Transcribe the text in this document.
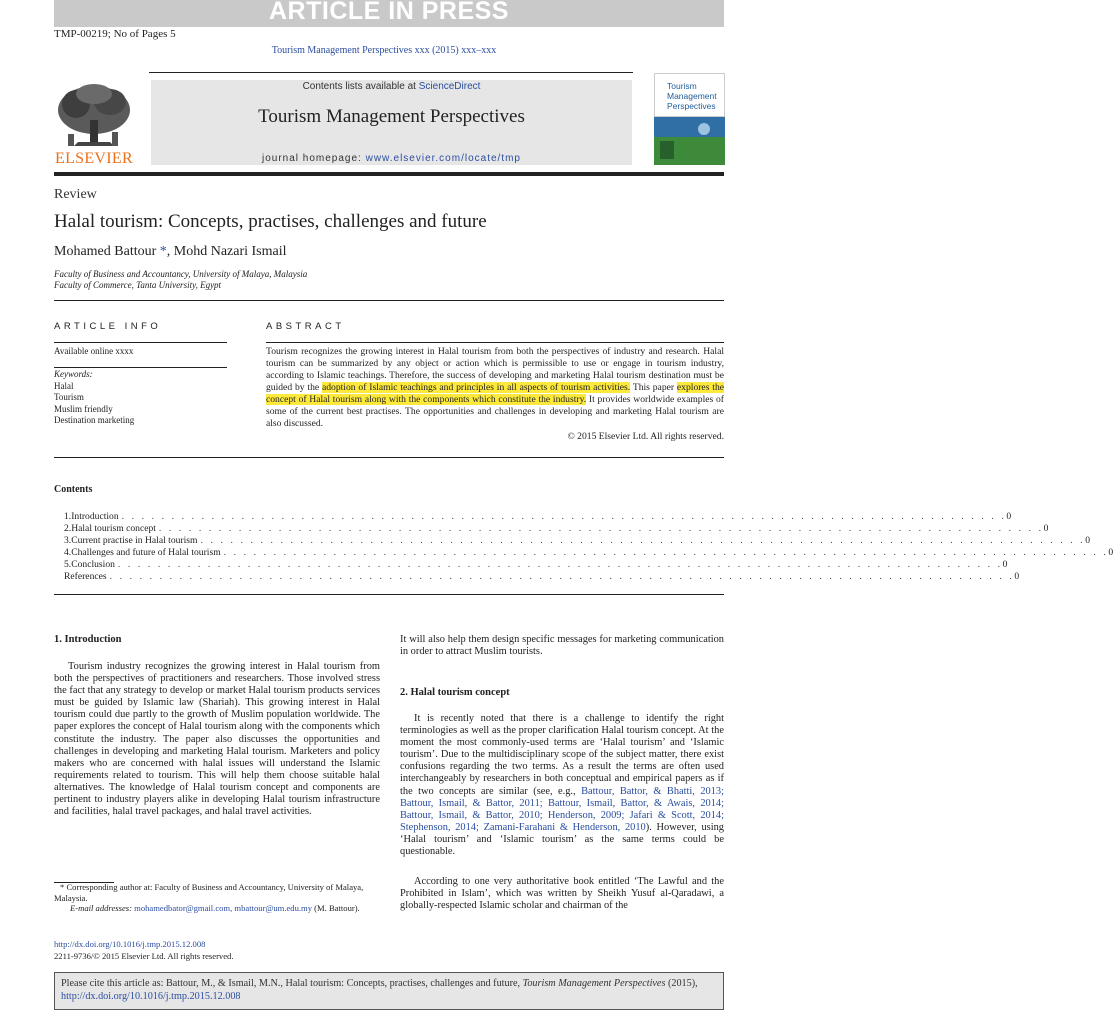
ARTICLE IN PRESS
TMP-00219; No of Pages 5
Tourism Management Perspectives xxx (2015) xxx–xxx
ELSEVIER
Contents lists available at ScienceDirect
Tourism Management Perspectives
journal homepage: www.elsevier.com/locate/tmp
Tourism
Management
Perspectives
Review
Halal tourism: Concepts, practises, challenges and future
Mohamed Battour *, Mohd Nazari Ismail
Faculty of Business and Accountancy, University of Malaya, Malaysia
Faculty of Commerce, Tanta University, Egypt
ARTICLE INFO
Available online xxxx
Keywords:
Halal
Tourism
Muslim friendly
Destination marketing
ABSTRACT
Tourism recognizes the growing interest in Halal tourism from both the perspectives of industry and research. Halal tourism can be summarized by any object or action which is permissible to use or engage in tourism industry, according to Islamic teachings. Therefore, the success of developing and marketing Halal tourism destination must be guided by the adoption of Islamic teachings and principles in all aspects of tourism activities. This paper explores the concept of Halal tourism along with the components which constitute the industry. It provides worldwide examples of some of the current best practises. The opportunities and challenges in developing and marketing Halal tourism are also discussed.
© 2015 Elsevier Ltd. All rights reserved.
Contents
1. Introduction . . . . . . . . . . . . . . . . . . . . . . . . . . . . . . . . . . . . . . . . . . . . . . . . . . . . . . . . . . . . . . . . . . . . . . . . . . . . . . . . . . . . . . . . . 0
2. Halal tourism concept . . . . . . . . . . . . . . . . . . . . . . . . . . . . . . . . . . . . . . . . . . . . . . . . . . . . . . . . . . . . . . . . . . . . . . . . . . . . . . . . . . . . . . . . . 0
3. Current practise in Halal tourism . . . . . . . . . . . . . . . . . . . . . . . . . . . . . . . . . . . . . . . . . . . . . . . . . . . . . . . . . . . . . . . . . . . . . . . . . . . . . . . . . . . . . . . . . 0
4. Challenges and future of Halal tourism . . . . . . . . . . . . . . . . . . . . . . . . . . . . . . . . . . . . . . . . . . . . . . . . . . . . . . . . . . . . . . . . . . . . . . . . . . . . . . . . . . . . . . . . . 0
5. Conclusion . . . . . . . . . . . . . . . . . . . . . . . . . . . . . . . . . . . . . . . . . . . . . . . . . . . . . . . . . . . . . . . . . . . . . . . . . . . . . . . . . . . . . . . . . 0
References . . . . . . . . . . . . . . . . . . . . . . . . . . . . . . . . . . . . . . . . . . . . . . . . . . . . . . . . . . . . . . . . . . . . . . . . . . . . . . . . . . . . . . . . . . . 0
1. Introduction
Tourism industry recognizes the growing interest in Halal tourism from both the perspectives of practitioners and researchers. Those involved stress the fact that any strategy to develop or market Halal tourism products services must be guided by Islamic law (Shariah). This growing interest in Halal tourism could due partly to the growth of Muslim population worldwide. The paper explores the concept of Halal tourism along with the components which constitute the industry. The paper also discusses the opportunities and challenges in developing and marketing Halal tourism. Marketers and policy makers who are concerned with halal issues will understand the Islamic requirements related to tourism. This will help them choose suitable halal alternatives. The knowledge of Halal tourism concept and components are pertinent to industry players alike in developing Halal tourism infrastructure and facilities, halal travel packages, and halal travel activities.
It will also help them design specific messages for marketing communication in order to attract Muslim tourists.
2. Halal tourism concept
It is recently noted that there is a challenge to identify the right terminologies as well as the proper clarification Halal tourism concept. At the moment the most commonly-used terms are ‘Halal tourism’ and ‘Islamic tourism’. Due to the multidisciplinary scope of the subject matter, there exist confusions regarding the two terms. As a result the terms are often used interchangeably by researchers in both conceptual and empirical papers as if the two concepts are similar (see, e.g., Battour, Battor, & Bhatti, 2013; Battour, Ismail, & Battor, 2011; Battour, Ismail, Battor, & Awais, 2014; Battour, Ismail, & Battor, 2010; Henderson, 2009; Jafari & Scott, 2014; Stephenson, 2014; Zamani-Farahani & Henderson, 2010). However, using ‘Halal tourism’ and ‘Islamic tourism’ as the same terms could be questionable.
According to one very authoritative book entitled ‘The Lawful and the Prohibited in Islam’, which was written by Sheikh Yusuf al-Qaradawi, a globally-respected Islamic scholar and chairman of the
* Corresponding author at: Faculty of Business and Accountancy, University of Malaya, Malaysia.
E-mail addresses: mohamedbator@gmail.com, mbattour@um.edu.my (M. Battour).
http://dx.doi.org/10.1016/j.tmp.2015.12.008
2211-9736/© 2015 Elsevier Ltd. All rights reserved.
Please cite this article as: Battour, M., & Ismail, M.N., Halal tourism: Concepts, practises, challenges and future, Tourism Management Perspectives (2015), http://dx.doi.org/10.1016/j.tmp.2015.12.008
